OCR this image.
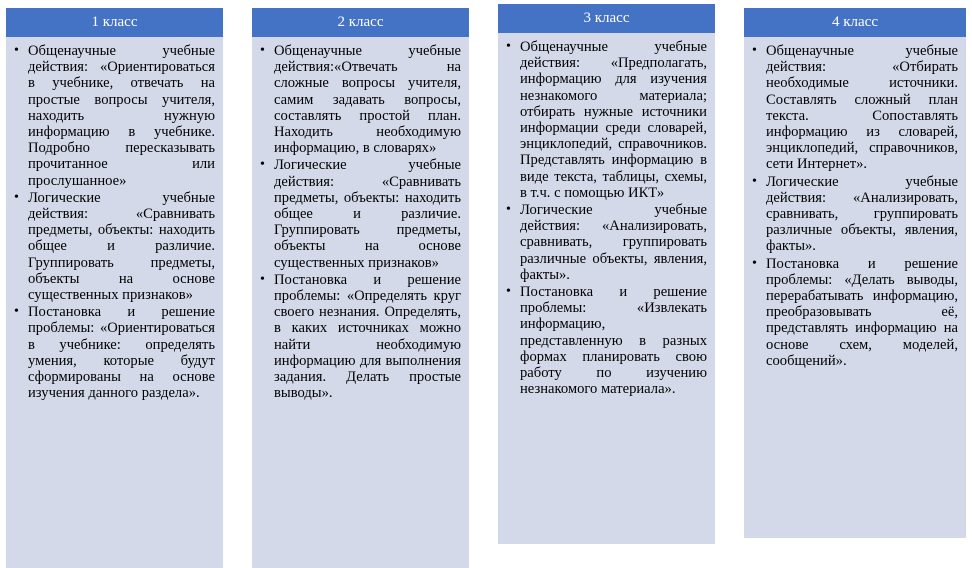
1 класс
• Общенаучные учебные действия: «Ориентироваться в учебнике, отвечать на простые вопросы учителя, находить нужную информацию в учебнике. Подробно пересказывать прочитанное или прослушанное»
• Логические учебные действия: «Сравнивать предметы, объекты: находить общее и различие. Группировать предметы, объекты на основе существенных признаков»
• Постановка и решение проблемы: «Ориентироваться в учебнике: определять умения, которые будут сформированы на основе изучения данного раздела».
2 класс
• Общенаучные учебные действия:«Отвечать на сложные вопросы учителя, самим задавать вопросы, составлять простой план. Находить необходимую информацию, в словарях»
• Логические учебные действия: «Сравнивать предметы, объекты: находить общее и различие. Группировать предметы, объекты на основе существенных признаков»
• Постановка и решение проблемы: «Определять круг своего незнания. Определять, в каких источниках можно найти необходимую информацию для выполнения задания. Делать простые выводы».
3 класс
• Общенаучные учебные действия: «Предполагать, информацию для изучения незнакомого материала; отбирать нужные источники информации среди словарей, энциклопедий, справочников. Представлять информацию в виде текста, таблицы, схемы, в т.ч. с помощью ИКТ»
• Логические учебные действия: «Анализировать, сравнивать, группировать различные объекты, явления, факты».
• Постановка и решение проблемы: «Извлекать информацию, представленную в разных формах планировать свою работу по изучению незнакомого материала».
4 класс
• Общенаучные учебные действия: «Отбирать необходимые источники. Составлять сложный план текста. Сопоставлять информацию из словарей, энциклопедий, справочников, сети Интернет».
• Логические учебные действия: «Анализировать, сравнивать, группировать различные объекты, явления, факты».
• Постановка и решение проблемы: «Делать выводы, перерабатывать информацию, преобразовывать её, представлять информацию на основе схем, моделей, сообщений».
